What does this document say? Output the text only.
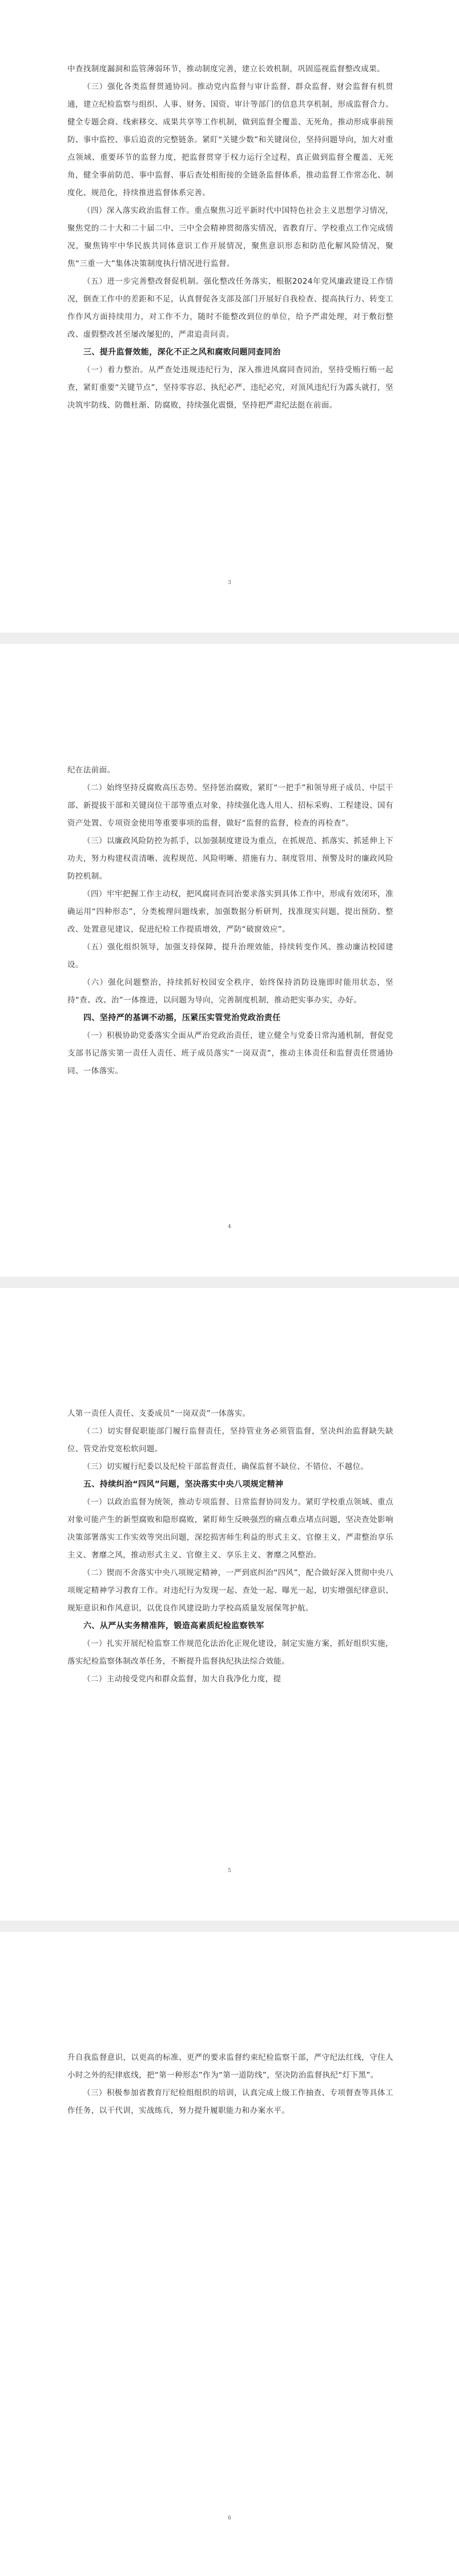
中查找制度漏洞和监管薄弱环节，推动制度完善，建立长效机制，巩固巡视监督整改成果。

（三）强化各类监督贯通协同。推动党内监督与审计监督、群众监督、财会监督有机贯通，建立纪检监察与组织、人事、财务、国资、审计等部门的信息共享机制，形成监督合力。健全专题会商、线索移交、成果共享等工作机制，做到监督全覆盖、无死角，推动形成事前预防、事中监控、事后追责的完整链条。紧盯“关键少数”和关键岗位，坚持问题导向，加大对重点领域、重要环节的监督力度，把监督贯穿于权力运行全过程，真正做到监督全覆盖、无死角，健全事前防范、事中监督、事后查处相衔接的全链条监督体系，推动监督工作常态化、制度化、规范化，持续推进监督体系完善。

（四）深入落实政治监督工作。重点聚焦习近平新时代中国特色社会主义思想学习情况，聚焦党的二十大和二十届二中、三中全会精神贯彻落实情况，省教育厅、学校重点工作完成情况，聚焦铸牢中华民族共同体意识工作开展情况，聚焦意识形态和防范化解风险情况，聚焦“三重一大”集体决策制度执行情况进行监督。

（五）进一步完善整改督促机制。强化整改任务落实，根据2024年党风廉政建设工作情况，倒查工作中的差距和不足，认真督促各支部及部门开展好自我检查、提高执行力、转变工作作风方面持续用力，对工作不力，随时不能整改到位的单位，给予严肃处理，对于敷衍整改、虚假整改甚至屡改屡犯的，严肃追责问责。

三、提升监督效能，深化不正之风和腐败问题同查同治

（一）着力整治。从严查处违规违纪行为，深入推进风腐同查同治，坚持受贿行贿一起查，紧盯重要“关键节点”，坚持零容忍、执纪必严、违纪必究，对顶风违纪行为露头就打，坚决筑牢防线、防微杜渐、防腐败，持续强化震慑，坚持把严肃纪法挺在前面。

3

纪在法前面。

（二）始终坚持反腐败高压态势。坚持惩治腐败，紧盯“一把手”和领导班子成员、中层干部、新提拔干部和关键岗位干部等重点对象，持续强化选人用人、招标采购、工程建设、国有资产处置、专项资金使用等重要事项的监督，做好“监督的监督，检查的再检查”。

（三）以廉政风险防控为抓手，以加强制度建设为重点，在抓规范、抓落实、抓延伸上下功夫，努力构建权责清晰、流程规范、风险明晰、措施有力、制度管用、预警及时的廉政风险防控机制。

（四）牢牢把握工作主动权，把风腐同查同治要求落实到具体工作中，形成有效闭环，准确运用“四种形态”，分类梳理问题线索，加强数据分析研判，找准现实问题，提出预防、整改、处置意见建议，促进纪检工作提质增效，严防“破窗效应”。

（五）强化组织领导，加强支持保障，提升治理效能，持续转变作风、推动廉洁校园建设。

（六）强化问题整治，持续抓好校园安全秩序，始终保持消防设施即时能用状态，坚持“查、改、治”一体推进，以问题为导向，完善制度机制，推动把实事办实，办好。

四、坚持严的基调不动摇，压紧压实管党治党政治责任

（一）积极协助党委落实全面从严治党政治责任，建立健全与党委日常沟通机制，督促党支部书记落实第一责任人责任、班子成员落实“一岗双责”，推动主体责任和监督责任贯通协同、一体落实。

4

人第一责任人责任、支委成员“一岗双责”一体落实。

（二）切实督促职能部门履行监督责任，坚持管业务必须管监督，坚决纠治监督缺失缺位、管党治党宽松软问题。

（三）切实履行纪委以及纪检干部监督责任，确保监督不缺位、不错位、不越位。

五、持续纠治“四风”问题，坚决落实中央八项规定精神

（一）以政治监督为统领，推动专项监督、日常监督协同发力。紧盯学校重点领域、重点对象可能产生的新型腐败和隐形腐败，紧盯师生反映强烈的痛点难点堵点问题，坚决查处影响决策部署落实工作实效等突出问题，深挖损害师生利益的形式主义、官僚主义，严肃整治享乐主义、奢靡之风，推动形式主义、官僚主义、享乐主义、奢靡之风整治。

（二）锲而不舍落实中央八项规定精神，一严到底纠治“四风”，配合做好深入贯彻中央八项规定精神学习教育工作。对违纪行为发现一起、查处一起、曝光一起，切实增强纪律意识、规矩意识和作风意识，以优良作风建设助力学校高质量发展保驾护航。

六、从严从实务精准阵，锻造高素质纪检监察铁军

（一）扎实开展纪检监察工作规范化法治化正规化建设，制定实施方案，抓好组织实施，落实纪检监察体制改革任务，不断提升监督执纪执法综合效能。

（二）主动接受党内和群众监督，加大自我净化力度，提

5

升自我监督意识，以更高的标准、更严的要求监督约束纪检监察干部，严守纪法红线，守住人小时之外的纪律底线，把“第一种形态”作为“第一道防线”，坚决防治监督执纪“灯下黑”。

（三）积极参加省教育厅纪检组组织的培训，认真完成上级工作抽查、专项督查等具体工作任务，以干代训，实战练兵，努力提升履职能力和办案水平。

6
